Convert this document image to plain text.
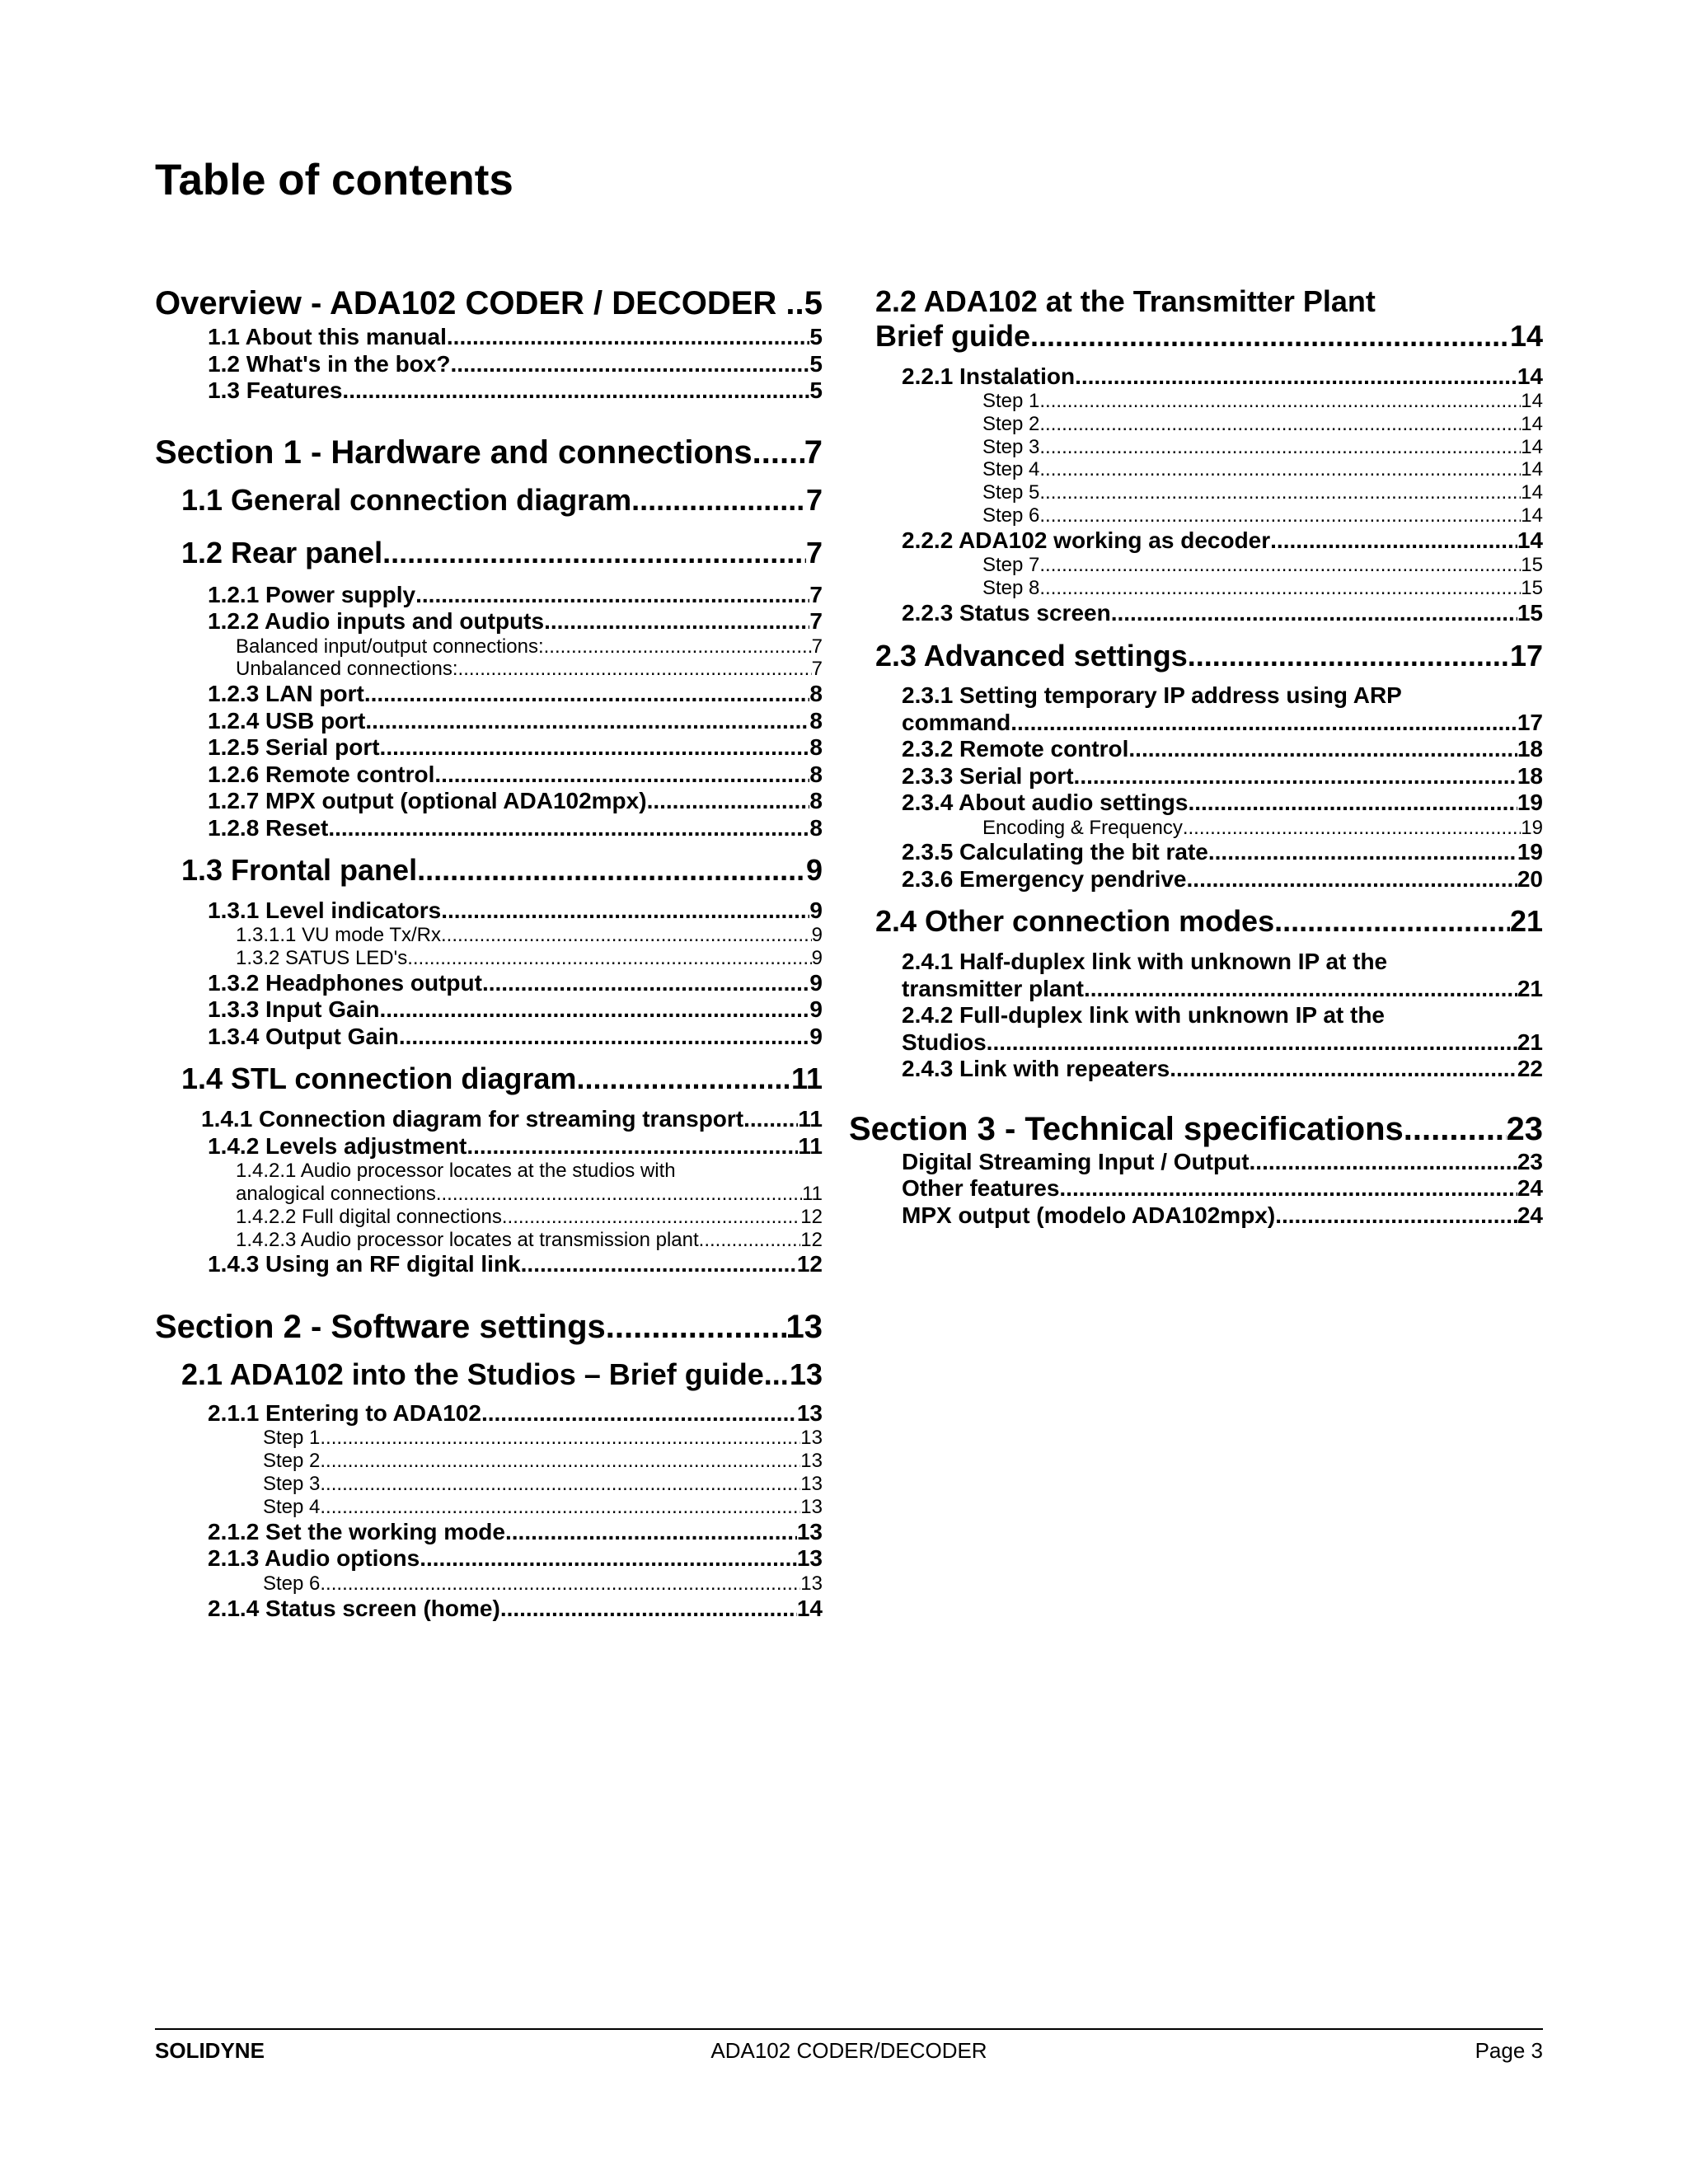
Table of contents
Overview - ADA102 CODER / DECODER . ..... 5
1.1 About this manual .....	5
1.2 What's in the box? .....	5
1.3 Features .....	5
Section 1 - Hardware and connections ..... 7
1.1 General connection diagram .....	7
1.2 Rear panel .....	7
1.2.1 Power supply .....	7
1.2.2 Audio inputs and outputs .....	7
Balanced input/output connections: .....	7
Unbalanced connections: .....	7
1.2.3 LAN port .....	8
1.2.4 USB port .....	8
1.2.5 Serial port .....	8
1.2.6 Remote control .....	8
1.2.7 MPX output (optional ADA102mpx) .....	8
1.2.8 Reset .....	8
1.3 Frontal panel .....	9
1.3.1 Level indicators .....	9
1.3.1.1 VU mode Tx/Rx .....	9
1.3.2 SATUS LED's .....	9
1.3.2 Headphones output .....	9
1.3.3 Input Gain .....	9
1.3.4 Output Gain .....	9
1.4 STL connection diagram .....	11
1.4.1 Connection diagram for streaming transport ..... 11
1.4.2 Levels adjustment .....	11
1.4.2.1 Audio processor locates at the studios with
analogical connections .....	11
1.4.2.2 Full digital connections .....	12
1.4.2.3 Audio processor locates at transmission plant .....	12
1.4.3 Using an RF digital link .....	12
Section 2 - Software settings .....	13
2.1 ADA102 into the Studios – Brief guide ..... 13
2.1.1 Entering to ADA102 .....	13
Step 1 .....	13
Step 2 .....	13
Step 3 .....	13
Step 4 .....	13
2.1.2 Set the working mode .....	13
2.1.3 Audio options .....	13
Step 6 .....	13
2.1.4 Status screen (home) .....	14
2.2 ADA102 at the Transmitter Plant
Brief guide .....	14
2.2.1 Instalation .....	14
Step 1 .....	14
Step 2 .....	14
Step 3 .....	14
Step 4 .....	14
Step 5 .....	14
Step 6 .....	14
2.2.2 ADA102 working as decoder .....	14
Step 7 .....	15
Step 8 .....	15
2.2.3 Status screen .....	15
2.3 Advanced settings .....	17
2.3.1 Setting temporary IP address using ARP
command .....	17
2.3.2 Remote control .....	18
2.3.3 Serial port .....	18
2.3.4 About audio settings .....	19
Encoding & Frequency .....	19
2.3.5 Calculating the bit rate .....	19
2.3.6 Emergency pendrive .....	20
2.4 Other connection modes .....	21
2.4.1 Half-duplex link with unknown IP at the
transmitter plant .....	21
2.4.2 Full-duplex link with unknown IP at the
Studios .....	21
2.4.3 Link with repeaters .....	22
Section 3 - Technical specifications .....	23
Digital Streaming Input / Output .....	23
Other features .....	24
MPX output (modelo ADA102mpx) .....	24
SOLIDYNE	ADA102 CODER/DECODER	Page 3
